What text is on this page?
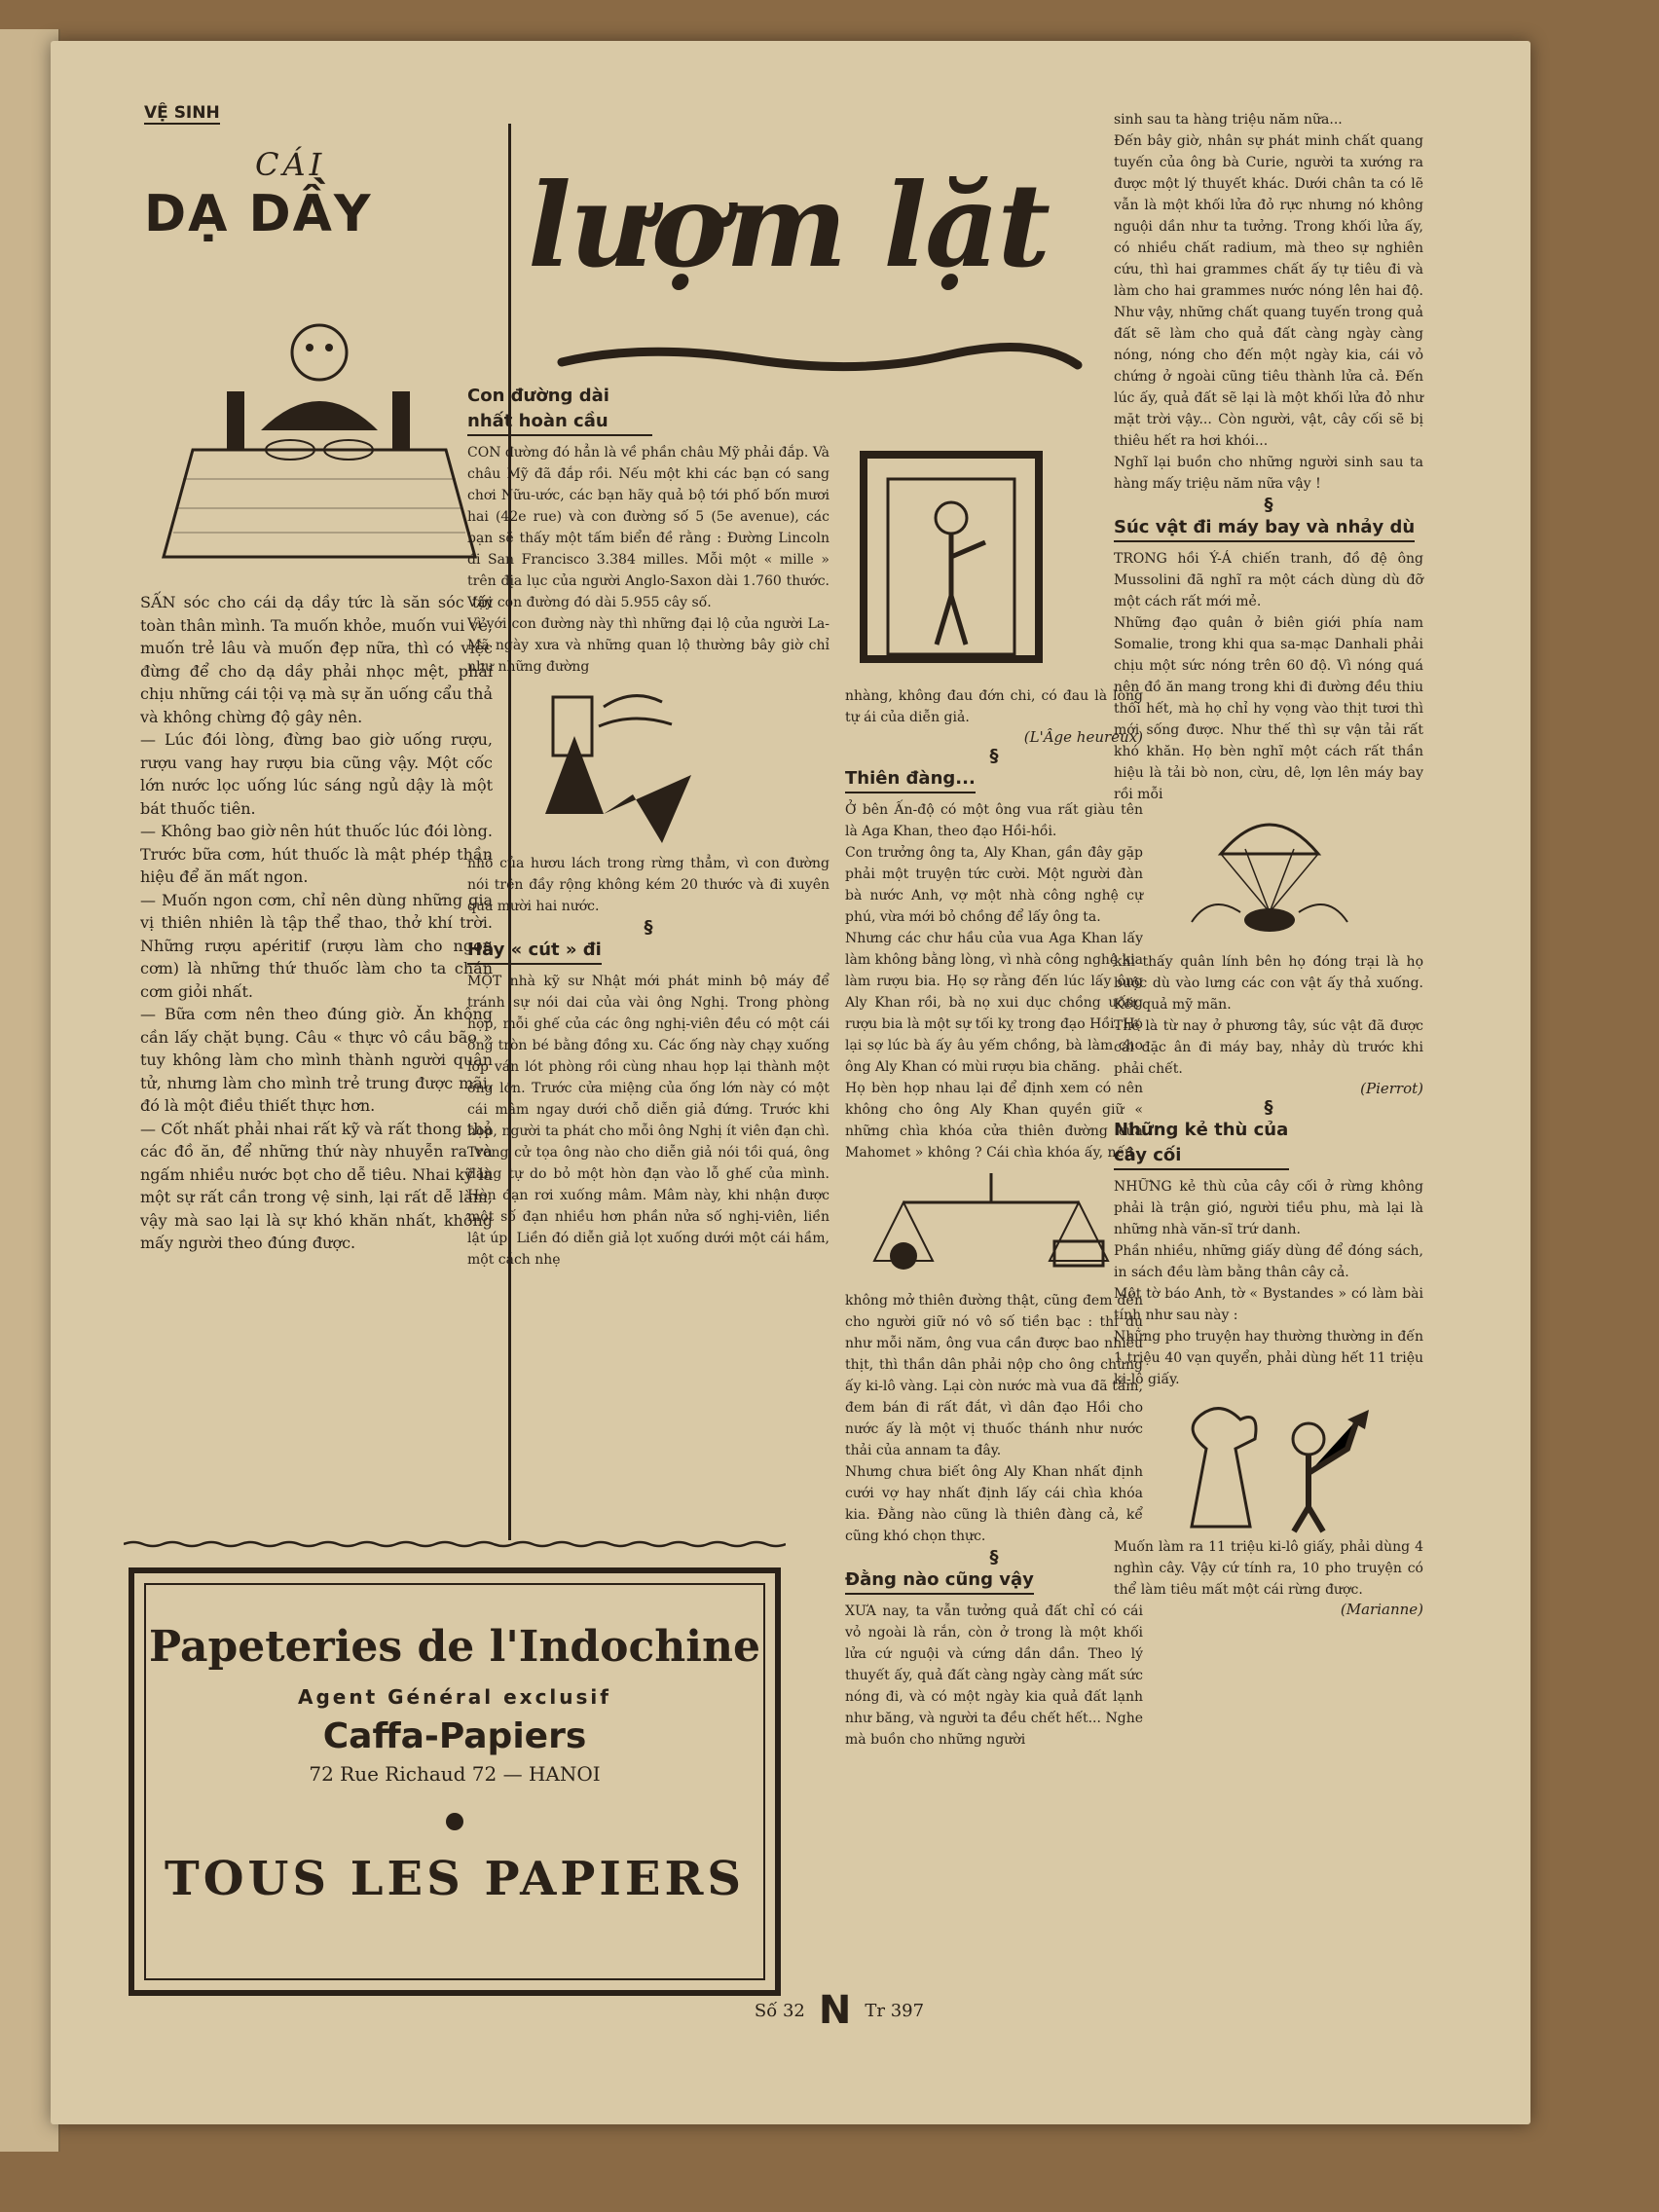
VỆ SINH
CÁI
DẠ DẦY

SẤN sóc cho cái dạ dầy tức là săn sóc tới toàn thân mình. Ta muốn khỏe, muốn vui vẻ, muốn trẻ lâu và muốn đẹp nữa, thì có việc đừng để cho dạ dầy phải nhọc mệt, phải chịu những cái tội vạ mà sự ăn uống cẩu thả và không chừng độ gây nên.

— Lúc đói lòng, đừng bao giờ uống rượu, rượu vang hay rượu bia cũng vậy. Một cốc lớn nước lọc uống lúc sáng ngủ dậy là một bát thuốc tiên.

— Không bao giờ nên hút thuốc lúc đói lòng. Trước bữa cơm, hút thuốc là mật phép thần hiệu để ăn mất ngon.

— Muốn ngon cơm, chỉ nên dùng những gia vị thiên nhiên là tập thể thao, thở khí trời. Những rượu apéritif (rượu làm cho ngon cơm) là những thứ thuốc làm cho ta chán cơm giỏi nhất.

— Bữa cơm nên theo đúng giờ. Ăn không cần lấy chặt bụng. Câu « thực vô cầu bão » tuy không làm cho mình thành người quân tử, nhưng làm cho mình trẻ trung được mãi, đó là một điều thiết thực hơn.

— Cốt nhất phải nhai rất kỹ và rất thong thả các đồ ăn, để những thứ này nhuyễn ra và ngấm nhiều nước bọt cho dễ tiêu. Nhai kỹ là một sự rất cần trong vệ sinh, lại rất dễ làm, vậy mà sao lại là sự khó khăn nhất, không mấy người theo đúng được.

lượm lặt
Con đường dài nhất hoàn cầu

CON đường đó hẳn là về phần châu Mỹ phải đắp. Và châu Mỹ đã đắp rồi. Nếu một khi các bạn có sang chơi Nữu-ước, các bạn hãy quả bộ tới phố bốn mươi hai (42e rue) và con đường số 5 (5e avenue), các bạn sẽ thấy một tấm biển đề rằng : Đường Lincoln đi San Francisco 3.384 milles. Mỗi một « mille » trên địa lục của người Anglo-Saxon dài 1.760 thước. Vậy con đường đó dài 5.955 cây số.

Vì với con đường này thì những đại lộ của người La-Mã ngày xưa và những quan lộ thường bây giờ chỉ như những đường

nhỏ của hươu lách trong rừng thẳm, vì con đường nói trên đầy rộng không kém 20 thước và đi xuyên qua mười hai nước.

§
Hãy « cút » đi

MỘT nhà kỹ sư Nhật mới phát minh bộ máy để tránh sự nói dai của vài ông Nghị. Trong phòng họp, mỗi ghế của các ông nghị-viên đều có một cái ống tròn bé bằng đồng xu. Các ống này chạy xuống lớp ván lót phòng rồi cùng nhau họp lại thành một ống lớn. Trước cửa miệng của ống lớn này có một cái mâm ngay dưới chỗ diễn giả đứng. Trước khi họp, người ta phát cho mỗi ông Nghị ít viên đạn chì. Trong cử tọa ông nào cho diễn giả nói tồi quá, ông đăng tự do bỏ một hòn đạn vào lỗ ghế của mình. Hòn đạn rơi xuống mâm. Mâm này, khi nhận được một số đạn nhiều hơn phần nửa số nghị-viên, liền lật úp. Liền đó diễn giả lọt xuống dưới một cái hầm, một cách nhẹ

nhàng, không đau đớn chi, có đau là lòng tự ái của diễn giả.

(L'Âge heureux)

§
Thiên đàng...

Ở bên Ấn-độ có một ông vua rất giàu tên là Aga Khan, theo đạo Hồi-hồi.

Con trưởng ông ta, Aly Khan, gần đây gặp phải một truyện tức cười. Một người đàn bà nước Anh, vợ một nhà công nghệ cự phú, vừa mới bỏ chồng để lấy ông ta.

Nhưng các chư hầu của vua Aga Khan lấy làm không bằng lòng, vì nhà công nghệ kia làm rượu bia. Họ sợ rằng đến lúc lấy ông Aly Khan rồi, bà nọ xui dục chồng uống rượu bia là một sự tối kỵ trong đạo Hồi. Họ lại sợ lúc bà ấy âu yếm chồng, bà làm cho ông Aly Khan có mùi rượu bia chăng.

Họ bèn họp nhau lại để định xem có nên không cho ông Aly Khan quyền giữ « những chìa khóa cửa thiên đường của Mahomet » không ? Cái chìa khóa ấy, nếu

không mở thiên đường thật, cũng đem đến cho người giữ nó vô số tiền bạc : thí dụ như mỗi năm, ông vua cần được bao nhiêu thịt, thì thần dân phải nộp cho ông chừng ấy ki-lô vàng. Lại còn nước mà vua đã tắm, đem bán đi rất đắt, vì dân đạo Hồi cho nước ấy là một vị thuốc thánh như nước thải của annam ta đây.

Nhưng chưa biết ông Aly Khan nhất định cưới vợ hay nhất định lấy cái chìa khóa kia. Đằng nào cũng là thiên đàng cả, kể cũng khó chọn thực.

§
Đằng nào cũng vậy

XƯA nay, ta vẫn tưởng quả đất chỉ có cái vỏ ngoài là rắn, còn ở trong là một khối lửa cứ nguội và cứng dần dần. Theo lý thuyết ấy, quả đất càng ngày càng mất sức nóng đi, và có một ngày kia quả đất lạnh như băng, và người ta đều chết hết... Nghe mà buồn cho những người

sinh sau ta hàng triệu năm nữa...

Đến bây giờ, nhân sự phát minh chất quang tuyến của ông bà Curie, người ta xướng ra được một lý thuyết khác. Dưới chân ta có lẽ vẫn là một khối lửa đỏ rực nhưng nó không nguội dần như ta tưởng. Trong khối lửa ấy, có nhiều chất radium, mà theo sự nghiên cứu, thì hai grammes chất ấy tự tiêu đi và làm cho hai grammes nước nóng lên hai độ. Như vậy, những chất quang tuyến trong quả đất sẽ làm cho quả đất càng ngày càng nóng, nóng cho đến một ngày kia, cái vỏ chứng ở ngoài cũng tiêu thành lửa cả. Đến lúc ấy, quả đất sẽ lại là một khối lửa đỏ như mặt trời vậy... Còn người, vật, cây cối sẽ bị thiêu hết ra hơi khói...

Nghĩ lại buồn cho những người sinh sau ta hàng mấy triệu năm nữa vậy !

§
Súc vật đi máy bay và nhảy dù

TRONG hồi Ý-Á chiến tranh, đồ đệ ông Mussolini đã nghĩ ra một cách dùng dù đỡ một cách rất mới mẻ.

Những đạo quân ở biên giới phía nam Somalie, trong khi qua sa-mạc Danhali phải chịu một sức nóng trên 60 độ. Vì nóng quá nên đồ ăn mang trong khi đi đường đều thiu thối hết, mà họ chỉ hy vọng vào thịt tươi thì mới sống được. Như thế thì sự vận tải rất khó khăn. Họ bèn nghĩ một cách rất thần hiệu là tải bò non, cừu, dê, lợn lên máy bay rồi mỗi

khi thấy quân lính bên họ đóng trại là họ buộc dù vào lưng các con vật ấy thả xuống. Kết quả mỹ mãn.

Thế là từ nay ở phương tây, súc vật đã được cái đặc ân đi máy bay, nhảy dù trước khi phải chết.

(Pierrot)

§
Những kẻ thù của cây cối

NHỮNG kẻ thù của cây cối ở rừng không phải là trận gió, người tiều phu, mà lại là những nhà văn-sĩ trứ danh.

Phần nhiều, những giấy dùng để đóng sách, in sách đều làm bằng thân cây cả.

Một tờ báo Anh, tờ « Bystandes » có làm bài tính như sau này :

Những pho truyện hay thường thường in đến 1 triệu 40 vạn quyển, phải dùng hết 11 triệu ki-lô giấy.

Muốn làm ra 11 triệu ki-lô giấy, phải dùng 4 nghìn cây. Vậy cứ tính ra, 10 pho truyện có thể làm tiêu mất một cái rừng được.

(Marianne)

Papeteries de l'Indochine
Agent Général exclusif
Caffa-Papiers
72 Rue Richaud 72 — HANOI
TOUS LES PAPIERS
Số 32 N Tr 397
